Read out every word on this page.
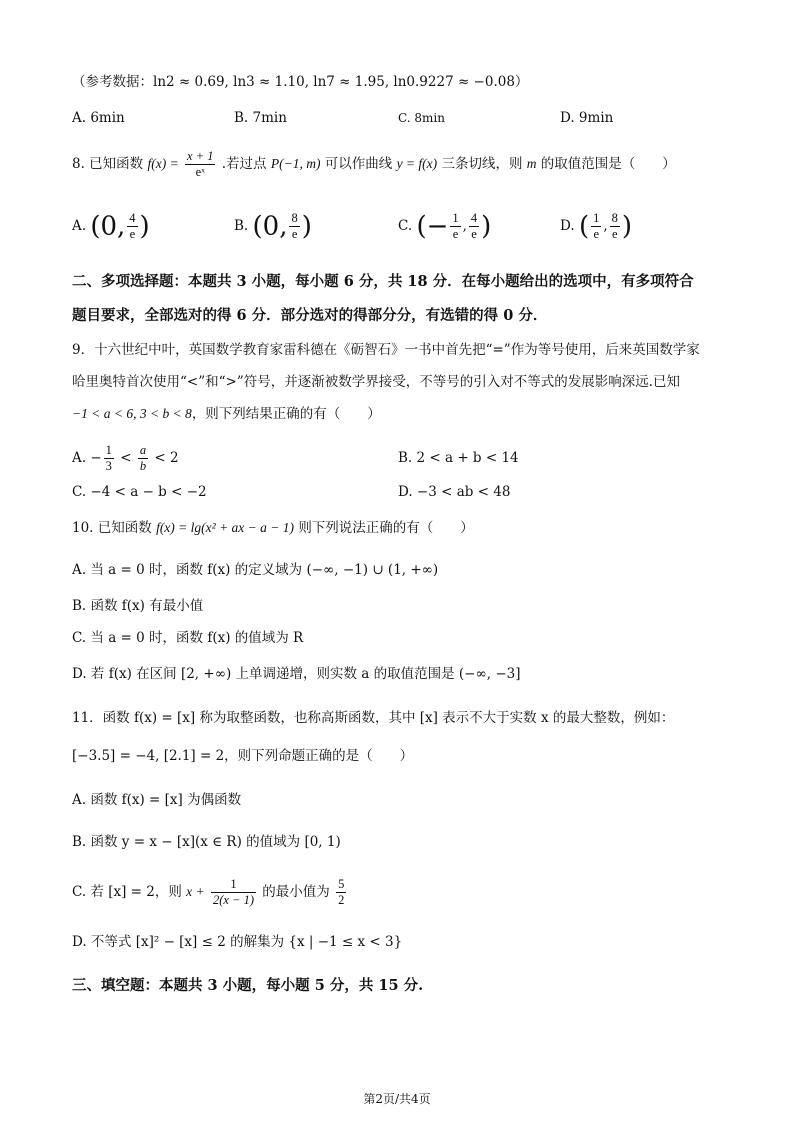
（参考数据：ln2 ≈ 0.69, ln3 ≈ 1.10, ln7 ≈ 1.95, ln0.9227 ≈ −0.08）
A. 6min	B. 7min	C. 8min	D. 9min
8. 已知函数 $f(x) = \frac{x + 1}{\text{eˣ}}$ .若过点 P(−1, m) 可以作曲线 y = f(x) 三条切线，则 m 的取值范围是（　　）
A. (0, $\frac{4}{e}$ )	B. (0, $\frac{8}{e}$ )	C. (− $\frac{1}{e}$ , $\frac{4}{e}$ )	D. ( $\frac{1}{e}$ , $\frac{8}{e}$ )
二、多项选择题：本题共 3 小题，每小题 6 分，共 18 分．在每小题给出的选项中，有多项符合
题目要求，全部选对的得 6 分．部分选对的得部分分，有选错的得 0 分．
9．十六世纪中叶，英国数学教育家雷科德在《砺智石》一书中首先把“=”作为等号使用，后来英国数学家
哈里奥特首次使用“<”和“>”符号，并逐渐被数学界接受，不等号的引入对不等式的发展影响深远.已知
−1 < a < 6, 3 < b < 8，则下列结果正确的有（　　）
A. − $\frac{1}{3} < \frac{a}{b} < 2$	B. 2 < a + b < 14
C. −4 < a − b < −2	D. −3 < ab < 48
10. 已知函数 f(x) = lg(x² + ax − a − 1) 则下列说法正确的有（　　）
A. 当 a = 0 时，函数 f(x) 的定义域为 (−∞, −1) ∪ (1, +∞)
B. 函数 f(x) 有最小值
C. 当 a = 0 时，函数 f(x) 的值域为 R
D. 若 f(x) 在区间 [2, +∞) 上单调递增，则实数 a 的取值范围是 (−∞, −3]
11．函数 f(x) = [x] 称为取整函数，也称高斯函数，其中 [x] 表示不大于实数 x 的最大整数，例如：
[−3.5] = −4, [2.1] = 2，则下列命题正确的是（　　）
A. 函数 f(x) = [x] 为偶函数
B. 函数 y = x − [x](x ∈ R) 的值域为 [0, 1)
C. 若 [x] = 2，则 $x + \frac{1}{2(x - 1)}$ 的最小值为 $\frac{5}{2}$
D. 不等式 [x]² − [x] ≤ 2 的解集为 {x | −1 ≤ x < 3}
三、填空题：本题共 3 小题，每小题 5 分，共 15 分.
第2页/共4页
